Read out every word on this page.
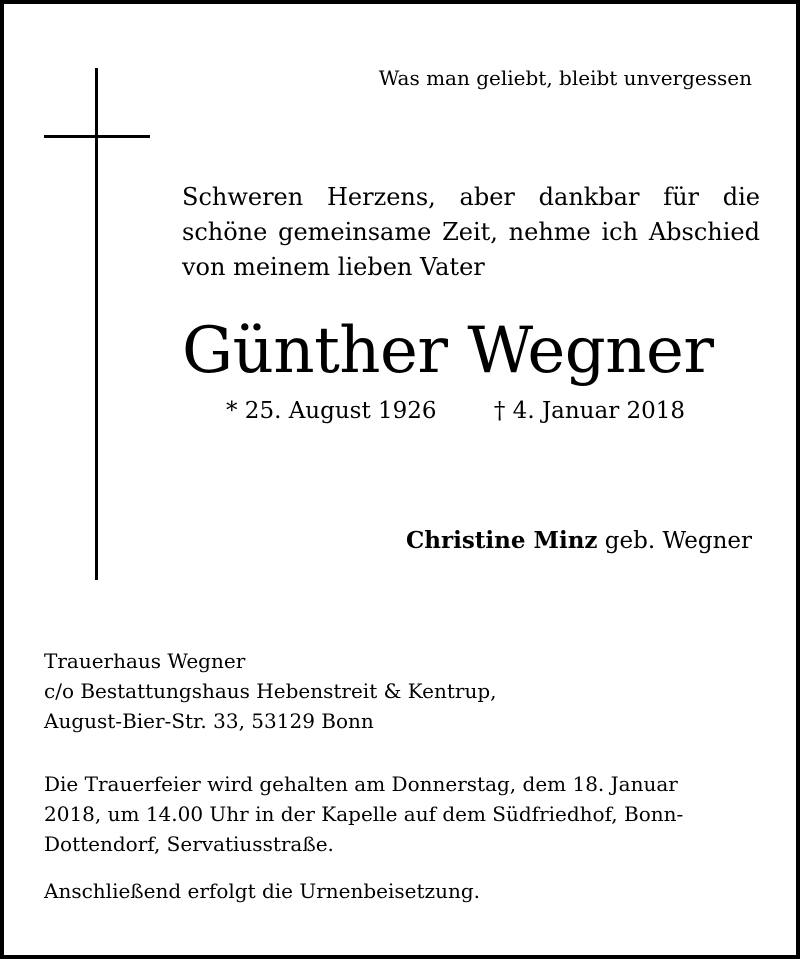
Was man geliebt, bleibt unvergessen
Schweren Herzens, aber dankbar für die
schöne gemeinsame Zeit, nehme ich Abschied
von meinem lieben Vater
Günther Wegner
* 25. August 1926 † 4. Januar 2018
Christine Minz geb. Wegner
Trauerhaus Wegner
c/o Bestattungshaus Hebenstreit & Kentrup,
August-Bier-Str. 33, 53129 Bonn
Die Trauerfeier wird gehalten am Donnerstag, dem 18. Januar
2018, um 14.00 Uhr in der Kapelle auf dem Südfriedhof, Bonn-
Dottendorf, Servatiusstraße.
Anschließend erfolgt die Urnenbeisetzung.
